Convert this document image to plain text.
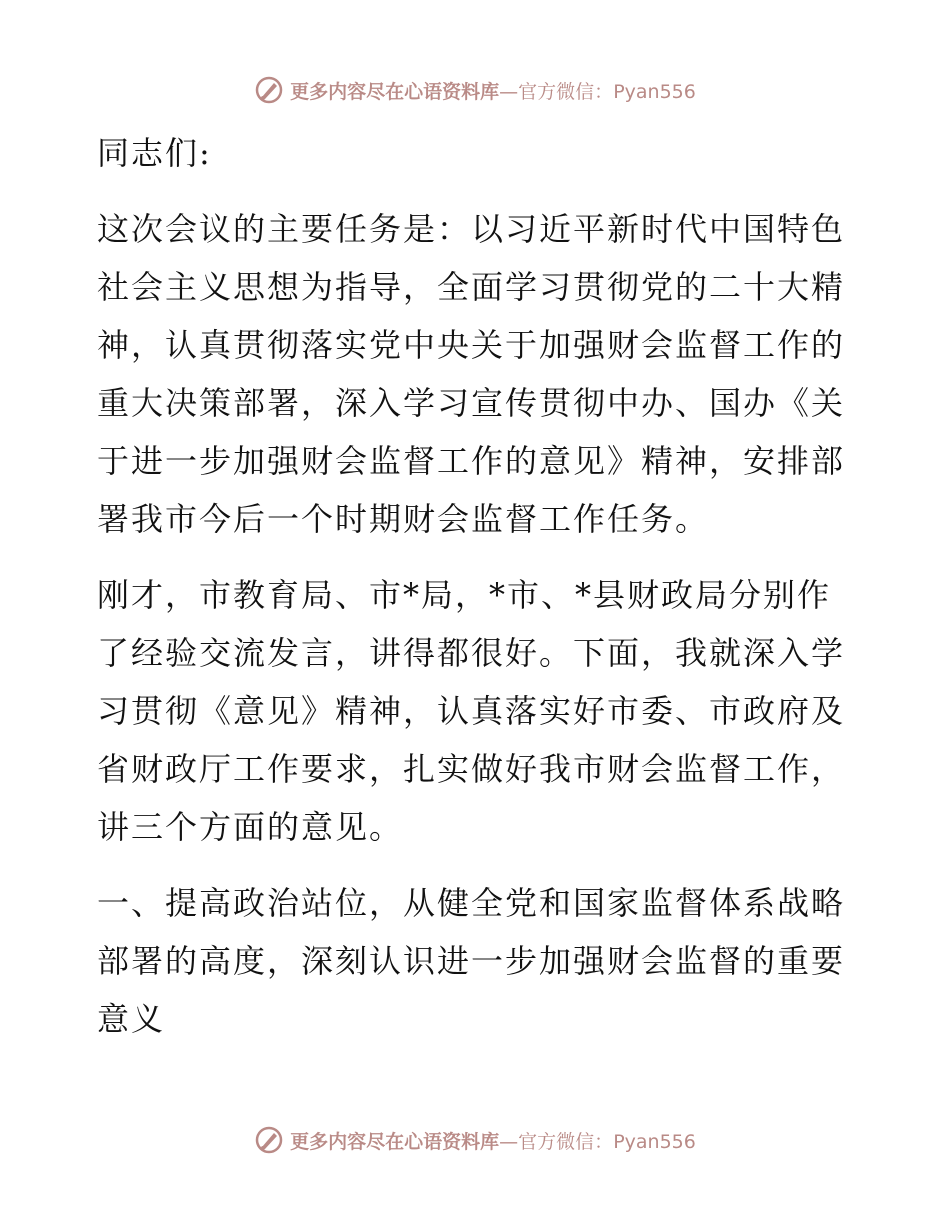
更多内容尽在心语资料库—官方微信：Pyan556

同志们:

这次会议的主要任务是：以习近平新时代中国特色社会主义思想为指导，全面学习贯彻党的二十大精神，认真贯彻落实党中央关于加强财会监督工作的重大决策部署，深入学习宣传贯彻中办、国办《关于进一步加强财会监督工作的意见》精神，安排部署我市今后一个时期财会监督工作任务。

刚才，市教育局、市*局，*市、*县财政局分别作了经验交流发言，讲得都很好。下面，我就深入学习贯彻《意见》精神，认真落实好市委、市政府及省财政厅工作要求，扎实做好我市财会监督工作，讲三个方面的意见。

一、提高政治站位，从健全党和国家监督体系战略部署的高度，深刻认识进一步加强财会监督的重要意义

更多内容尽在心语资料库—官方微信：Pyan556
